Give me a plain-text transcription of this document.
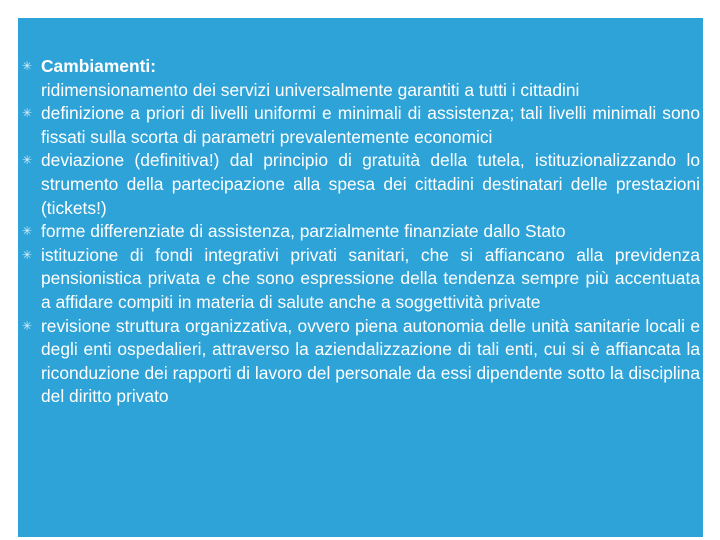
✳ Cambiamenti:
ridimensionamento dei servizi universalmente garantiti a tutti i cittadini
✳ definizione a priori di livelli uniformi e minimali di assistenza; tali livelli minimali sono fissati sulla scorta di parametri prevalentemente economici
✳ deviazione (definitiva!) dal principio di gratuità della tutela, istituzionalizzando lo strumento della partecipazione alla spesa dei cittadini destinatari delle prestazioni (tickets!)
✳ forme differenziate di assistenza, parzialmente finanziate dallo Stato
✳ istituzione di fondi integrativi privati sanitari, che si affiancano alla previdenza pensionistica privata e che sono espressione della tendenza sempre più accentuata a affidare compiti in materia di salute anche a soggettività private
✳ revisione struttura organizzativa, ovvero piena autonomia delle unità sanitarie locali e degli enti ospedalieri, attraverso la aziendalizzazione di tali enti, cui si è affiancata la riconduzione dei rapporti di lavoro del personale da essi dipendente sotto la disciplina del diritto privato
